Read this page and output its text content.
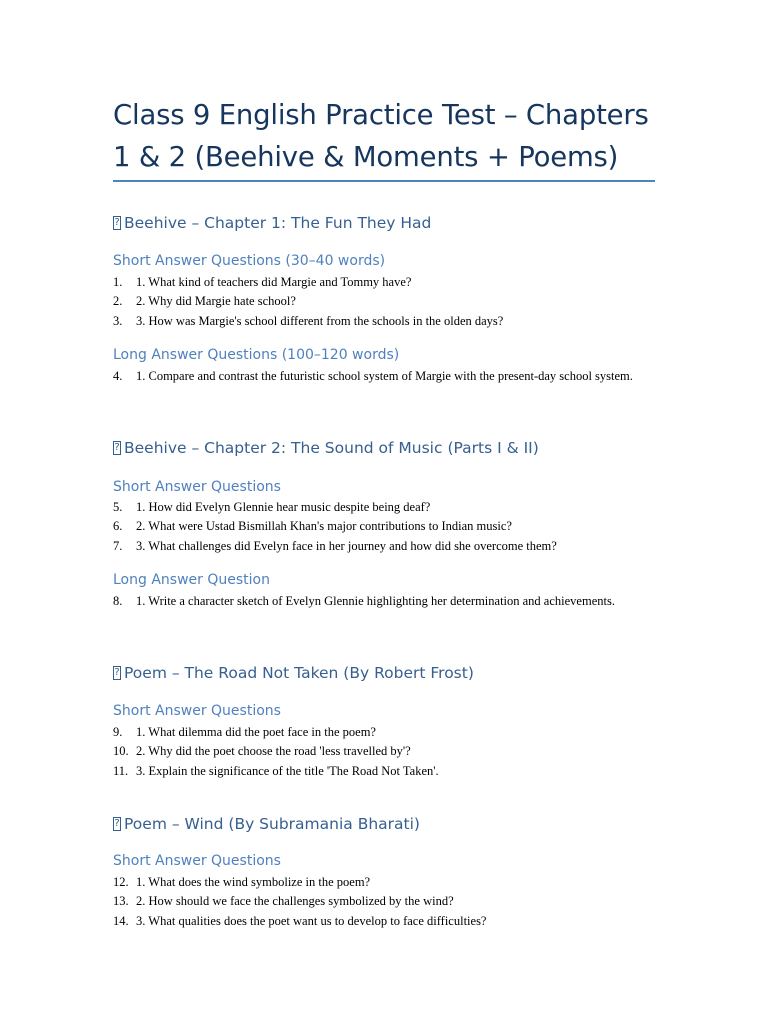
Class 9 English Practice Test – Chapters 1 & 2 (Beehive & Moments + Poems)
?Beehive – Chapter 1: The Fun They Had
Short Answer Questions (30–40 words)
1. 1. What kind of teachers did Margie and Tommy have?
2. 2. Why did Margie hate school?
3. 3. How was Margie's school different from the schools in the olden days?
Long Answer Questions (100–120 words)
4. 1. Compare and contrast the futuristic school system of Margie with the present-day school system.
?Beehive – Chapter 2: The Sound of Music (Parts I & II)
Short Answer Questions
5. 1. How did Evelyn Glennie hear music despite being deaf?
6. 2. What were Ustad Bismillah Khan's major contributions to Indian music?
7. 3. What challenges did Evelyn face in her journey and how did she overcome them?
Long Answer Question
8. 1. Write a character sketch of Evelyn Glennie highlighting her determination and achievements.
?Poem – The Road Not Taken (By Robert Frost)
Short Answer Questions
9. 1. What dilemma did the poet face in the poem?
10. 2. Why did the poet choose the road 'less travelled by'?
11. 3. Explain the significance of the title 'The Road Not Taken'.
?Poem – Wind (By Subramania Bharati)
Short Answer Questions
12. 1. What does the wind symbolize in the poem?
13. 2. How should we face the challenges symbolized by the wind?
14. 3. What qualities does the poet want us to develop to face difficulties?
